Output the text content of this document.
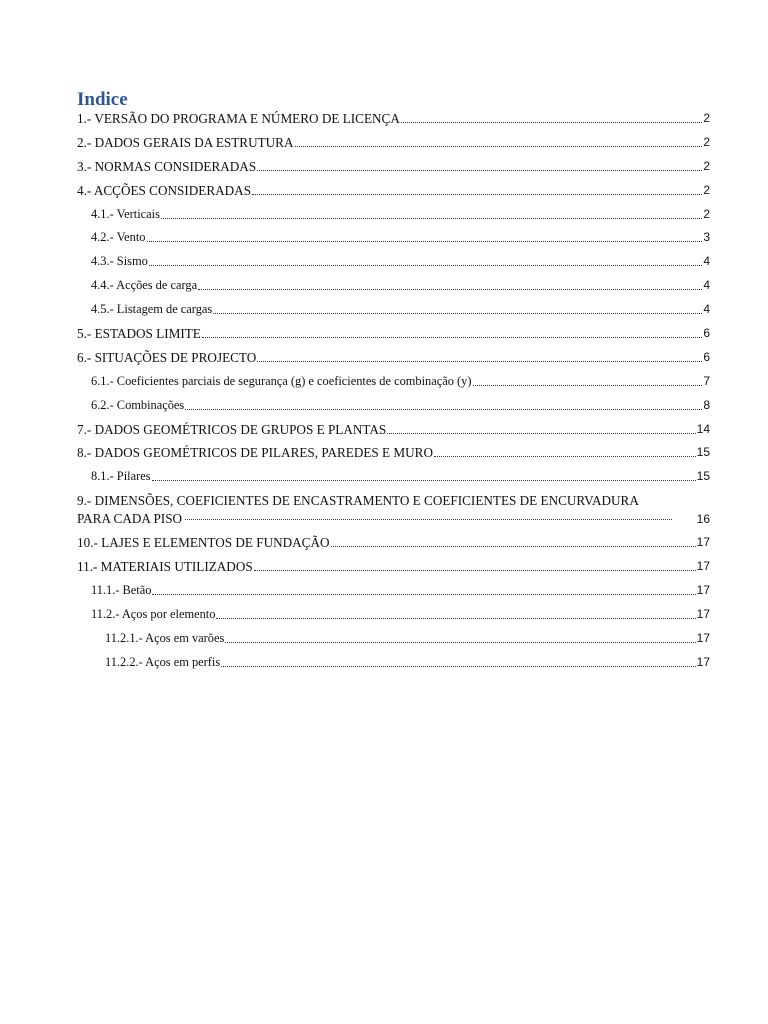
Indice
1.- VERSÃO DO PROGRAMA E NÚMERO DE LICENÇA	2
2.- DADOS GERAIS DA ESTRUTURA	2
3.- NORMAS CONSIDERADAS	2
4.- ACÇÕES CONSIDERADAS	2
4.1.- Verticais	2
4.2.- Vento	3
4.3.- Sismo	4
4.4.- Acções de carga	4
4.5.- Listagem de cargas	4
5.- ESTADOS LIMITE	6
6.- SITUAÇÕES DE PROJECTO	6
6.1.- Coeficientes parciais de segurança (g) e coeficientes de combinação (y)	7
6.2.- Combinações	8
7.- DADOS GEOMÉTRICOS DE GRUPOS E PLANTAS	14
8.- DADOS GEOMÉTRICOS DE PILARES, PAREDES E MURO	15
8.1.- Pilares	15
9.- DIMENSÕES, COEFICIENTES DE ENCASTRAMENTO E COEFICIENTES DE ENCURVADURA
PARA CADA PISO	16
10.- LAJES E ELEMENTOS DE FUNDAÇÃO	17
11.- MATERIAIS UTILIZADOS	17
11.1.- Betão	17
11.2.- Aços por elemento	17
11.2.1.- Aços em varões	17
11.2.2.- Aços em perfis	17
